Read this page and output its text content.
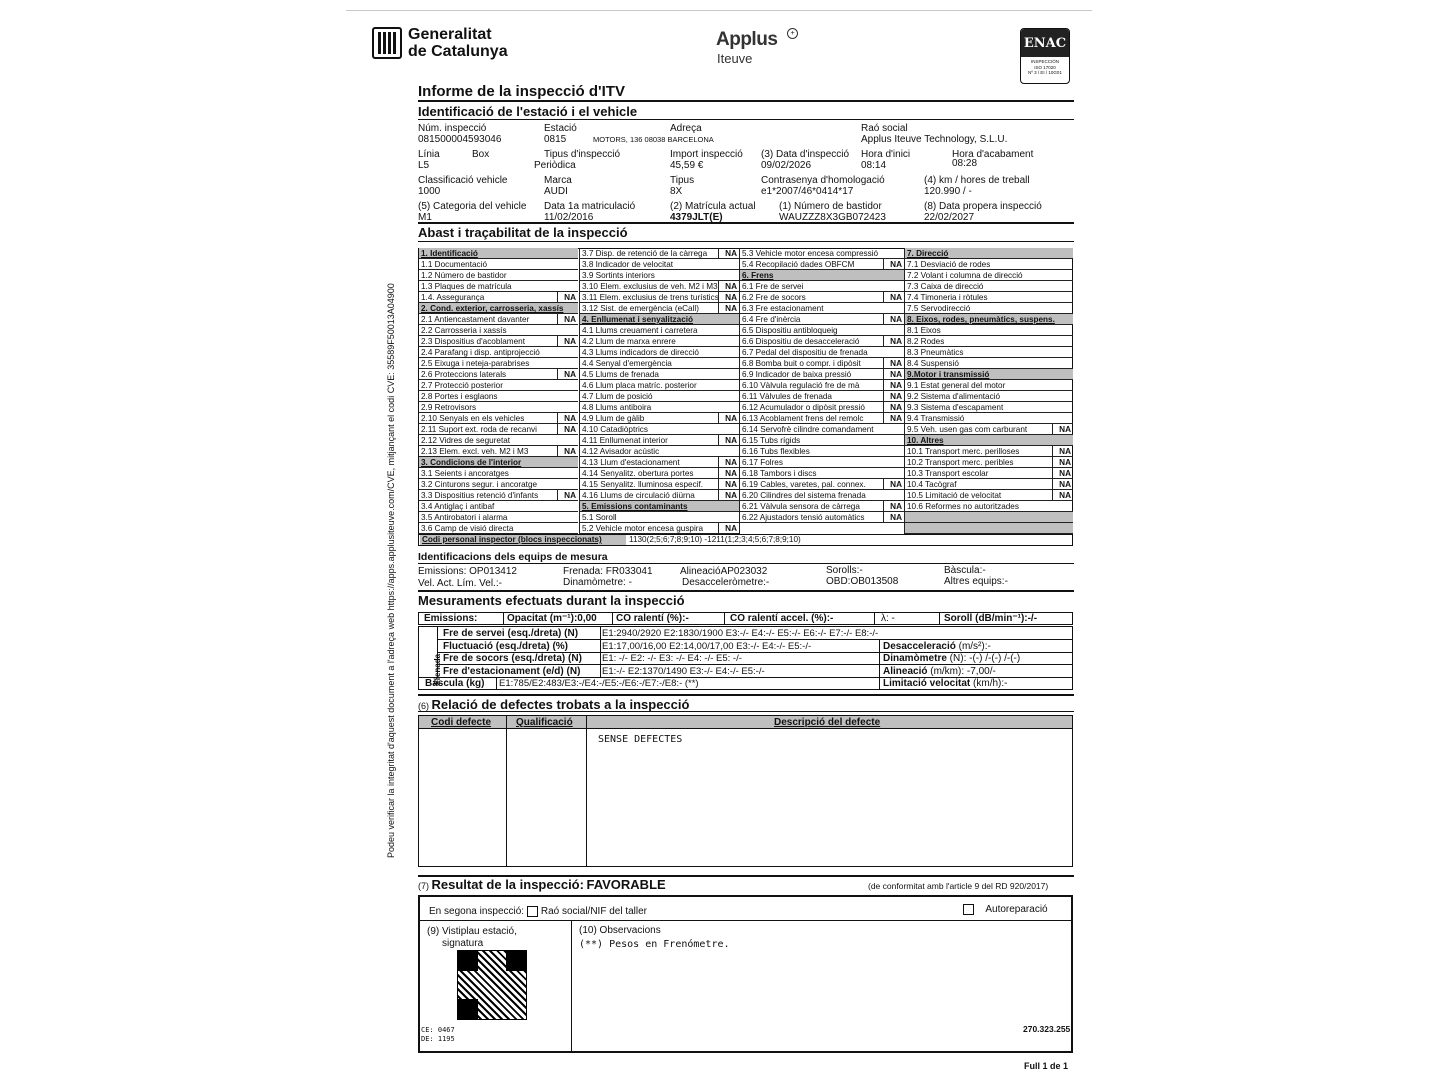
Podeu verificar la integritat d'aquest document a l'adreça web https://apps.applusiteuve.com/CVE, mitjançant el codi CVE: 35589F50013A04900
Generalitat
de Catalunya
Applus	+
Iteuve
ENAC
INSPECCIÓN
ISO 17020
Nº 3 / EI / 10G01
Informe de la inspecció d'ITV
Identificació de l'estació i el vehicle
Núm. inspecció
081500004593046
Estació
0815
Adreça
MOTORS, 136 08038 BARCELONA
Raó social
Applus Iteuve Technology, S.L.U.
Línia
L5
Box	Tipus d'inspecció
Periòdica
Import inspecció
45,59 €
(3) Data d'inspecció
09/02/2026
Hora d'inici
08:14
Hora d'acabament
08:28
Classificació vehicle
1000
Marca
AUDI
Tipus
8X
Contrasenya d'homologació
e1*2007/46*0414*17
(4) km / hores de treball
120.990 / -
(5) Categoria del vehicle
M1
Data 1a matriculació
11/02/2016
(2) Matrícula actual
4379JLT(E)
(1) Número de bastidor
WAUZZZ8X3GB072423
(8) Data propera inspecció
22/02/2027
Abast i traçabilitat de la inspecció
1. Identificació
1.1 Documentació
1.2 Número de bastidor
1.3 Plaques de matrícula
1.4. Assegurança	NA
2. Cond. exterior, carrosseria, xassís
2.1 Antiencastament davanter	NA
2.2 Carrosseria i xassís
2.3 Dispositius d'acoblament	NA
2.4 Parafang i disp. antiprojecció
2.5 Eixuga i neteja-parabrises
2.6 Proteccions laterals	NA
2.7 Protecció posterior
2.8 Portes i esglaons
2.9 Retrovisors
2.10 Senyals en els vehicles	NA
2.11 Suport ext. roda de recanvi	NA
2.12 Vidres de seguretat
2.13 Elem. excl. veh. M2 i M3	NA
3. Condicions de l'interior
3.1 Seients i ancoratges
3.2 Cinturons segur. i ancoratge
3.3 Dispositius retenció d'infants	NA
3.4 Antiglaç i antibaf
3.5 Antirobatori i alarma
3.6 Camp de visió directa
3.7 Disp. de retenció de la càrrega NA
3.8 Indicador de velocitat
3.9 Sortints interiors
3.10 Elem. exclusius de veh. M2 i M3 NA
3.11 Elem. exclusius de trens turístics NA
3.12 Sist. de emergència (eCall)	NA
4. Enllumenat i senyalització
4.1 Llums creuament i carretera
4.2 Llum de marxa enrere
4.3 Llums indicadors de direcció
4.4 Senyal d'emergència
4.5 Llums de frenada
4.6 Llum placa matríc. posterior
4.7 Llum de posició
4.8 Llums antiboira
4.9 Llum de gàlib	NA
4.10 Catadiòptrics
4.11 Enllumenat interior	NA
4.12 Avisador acústic
4.13 Llum d'estacionament	NA
4.14 Senyalitz. obertura portes	NA
4.15 Senyalitz. lluminosa especif.	NA
4.16 Llums de circulació diürna	NA
5. Emissions contaminants
5.1 Soroll
5.2 Vehicle motor encesa guspira	NA
5.3 Vehicle motor encesa compressió
5.4 Recopilació dades OBFCM	NA
6. Frens
6.1 Fre de servei
6.2 Fre de socors	NA
6.3 Fre estacionament
6.4 Fre d'inèrcia	NA
6.5 Dispositiu antibloqueig
6.6 Dispositiu de desacceleració	NA
6.7 Pedal del dispositiu de frenada
6.8 Bomba buit o compr. i dipòsit	NA
6.9 Indicador de baixa pressió	NA
6.10 Vàlvula regulació fre de mà	NA
6.11 Vàlvules de frenada	NA
6.12 Acumulador o dipòsit pressió	NA
6.13 Acoblament frens del remolc	NA
6.14 Servofrè cilindre comandament
6.15 Tubs rígids
6.16 Tubs flexibles
6.17 Folres
6.18 Tambors i discs
6.19 Cables, varetes, pal. connex.	NA
6.20 Cilindres del sistema frenada
6.21 Vàlvula sensora de càrrega	NA
6.22 Ajustadors tensió automàtics	NA
7. Direcció
7.1 Desviació de rodes
7.2 Volant i columna de direcció
7.3 Caixa de direcció
7.4 Timoneria i ròtules
7.5 Servodirecció
8. Eixos, rodes, pneumàtics, suspens.
8.1 Eixos
8.2 Rodes
8.3 Pneumàtics
8.4 Suspensió
9.Motor i transmissió
9.1 Estat general del motor
9.2 Sistema d'alimentació
9.3 Sistema d'escapament
9.4 Transmissió
9.5 Veh. usen gas com carburant	NA
10. Altres
10.1 Transport merc. perilloses	NA
10.2 Transport merc. peribles	NA
10.3 Transport escolar	NA
10.4 Tacògraf	NA
10.5 Limitació de velocitat	NA
10.6 Reformes no autoritzades
Codi personal inspector (blocs inspeccionats)	1130(2;5;6;7;8;9;10) -1211(1;2;3;4;5;6;7;8;9;10)
Identificacions dels equips de mesura
Emissions: OP013412	Frenada: FR033041	AlineacióAP023032	Sorolls:-	Bàscula:-
Vel. Act. Lím. Vel.:-	Dinamòmetre: -	Desacceleròmetre:-	OBD:OB013508	Altres equips:-
Mesuraments efectuats durant la inspecció
Emissions:	Opacitat (m⁻¹):0,00 CO ralentí (%):-	CO ralentí accel. (%):-	λ: -	Soroll (dB/min⁻¹):-/-
Frenada
Fre de servei (esq./dreta) (N)	E1:2940/2920 E2:1830/1900 E3:-/- E4:-/- E5:-/- E6:-/- E7:-/- E8:-/-
Fluctuació (esq./dreta) (%)	E1:17,00/16,00 E2:14,00/17,00 E3:-/- E4:-/- E5:-/-	Desacceleració (m/s²):-
Fre de socors (esq./dreta) (N) E1: -/- E2: -/- E3: -/- E4: -/- E5: -/-	Dinamòmetre (N): -(-) /-(-) /-(-)
Fre d'estacionament (e/d) (N) E1:-/- E2:1370/1490 E3:-/- E4:-/- E5:-/-	Alineació (m/km): -7,00/-
Bàscula (kg) E1:785/E2:483/E3:-/E4:-/E5:-/E6:-/E7:-/E8:- (**)	Limitació velocitat (km/h):-
(6) Relació de defectes trobats a la inspecció
Codi defecte Qualificació	Descripció del defecte
SENSE DEFECTES
(7) Resultat de la inspecció: FAVORABLE	(de conformitat amb l'article 9 del RD 920/2017)
En segona inspecció: Raó social/NIF del taller	Autoreparació
(9) Vistiplau estació,
signatura
(10) Observacions
(**) Pesos en Frenómetre.
CE: 0467
DE: 1195
270.323.255
Full 1 de 1
